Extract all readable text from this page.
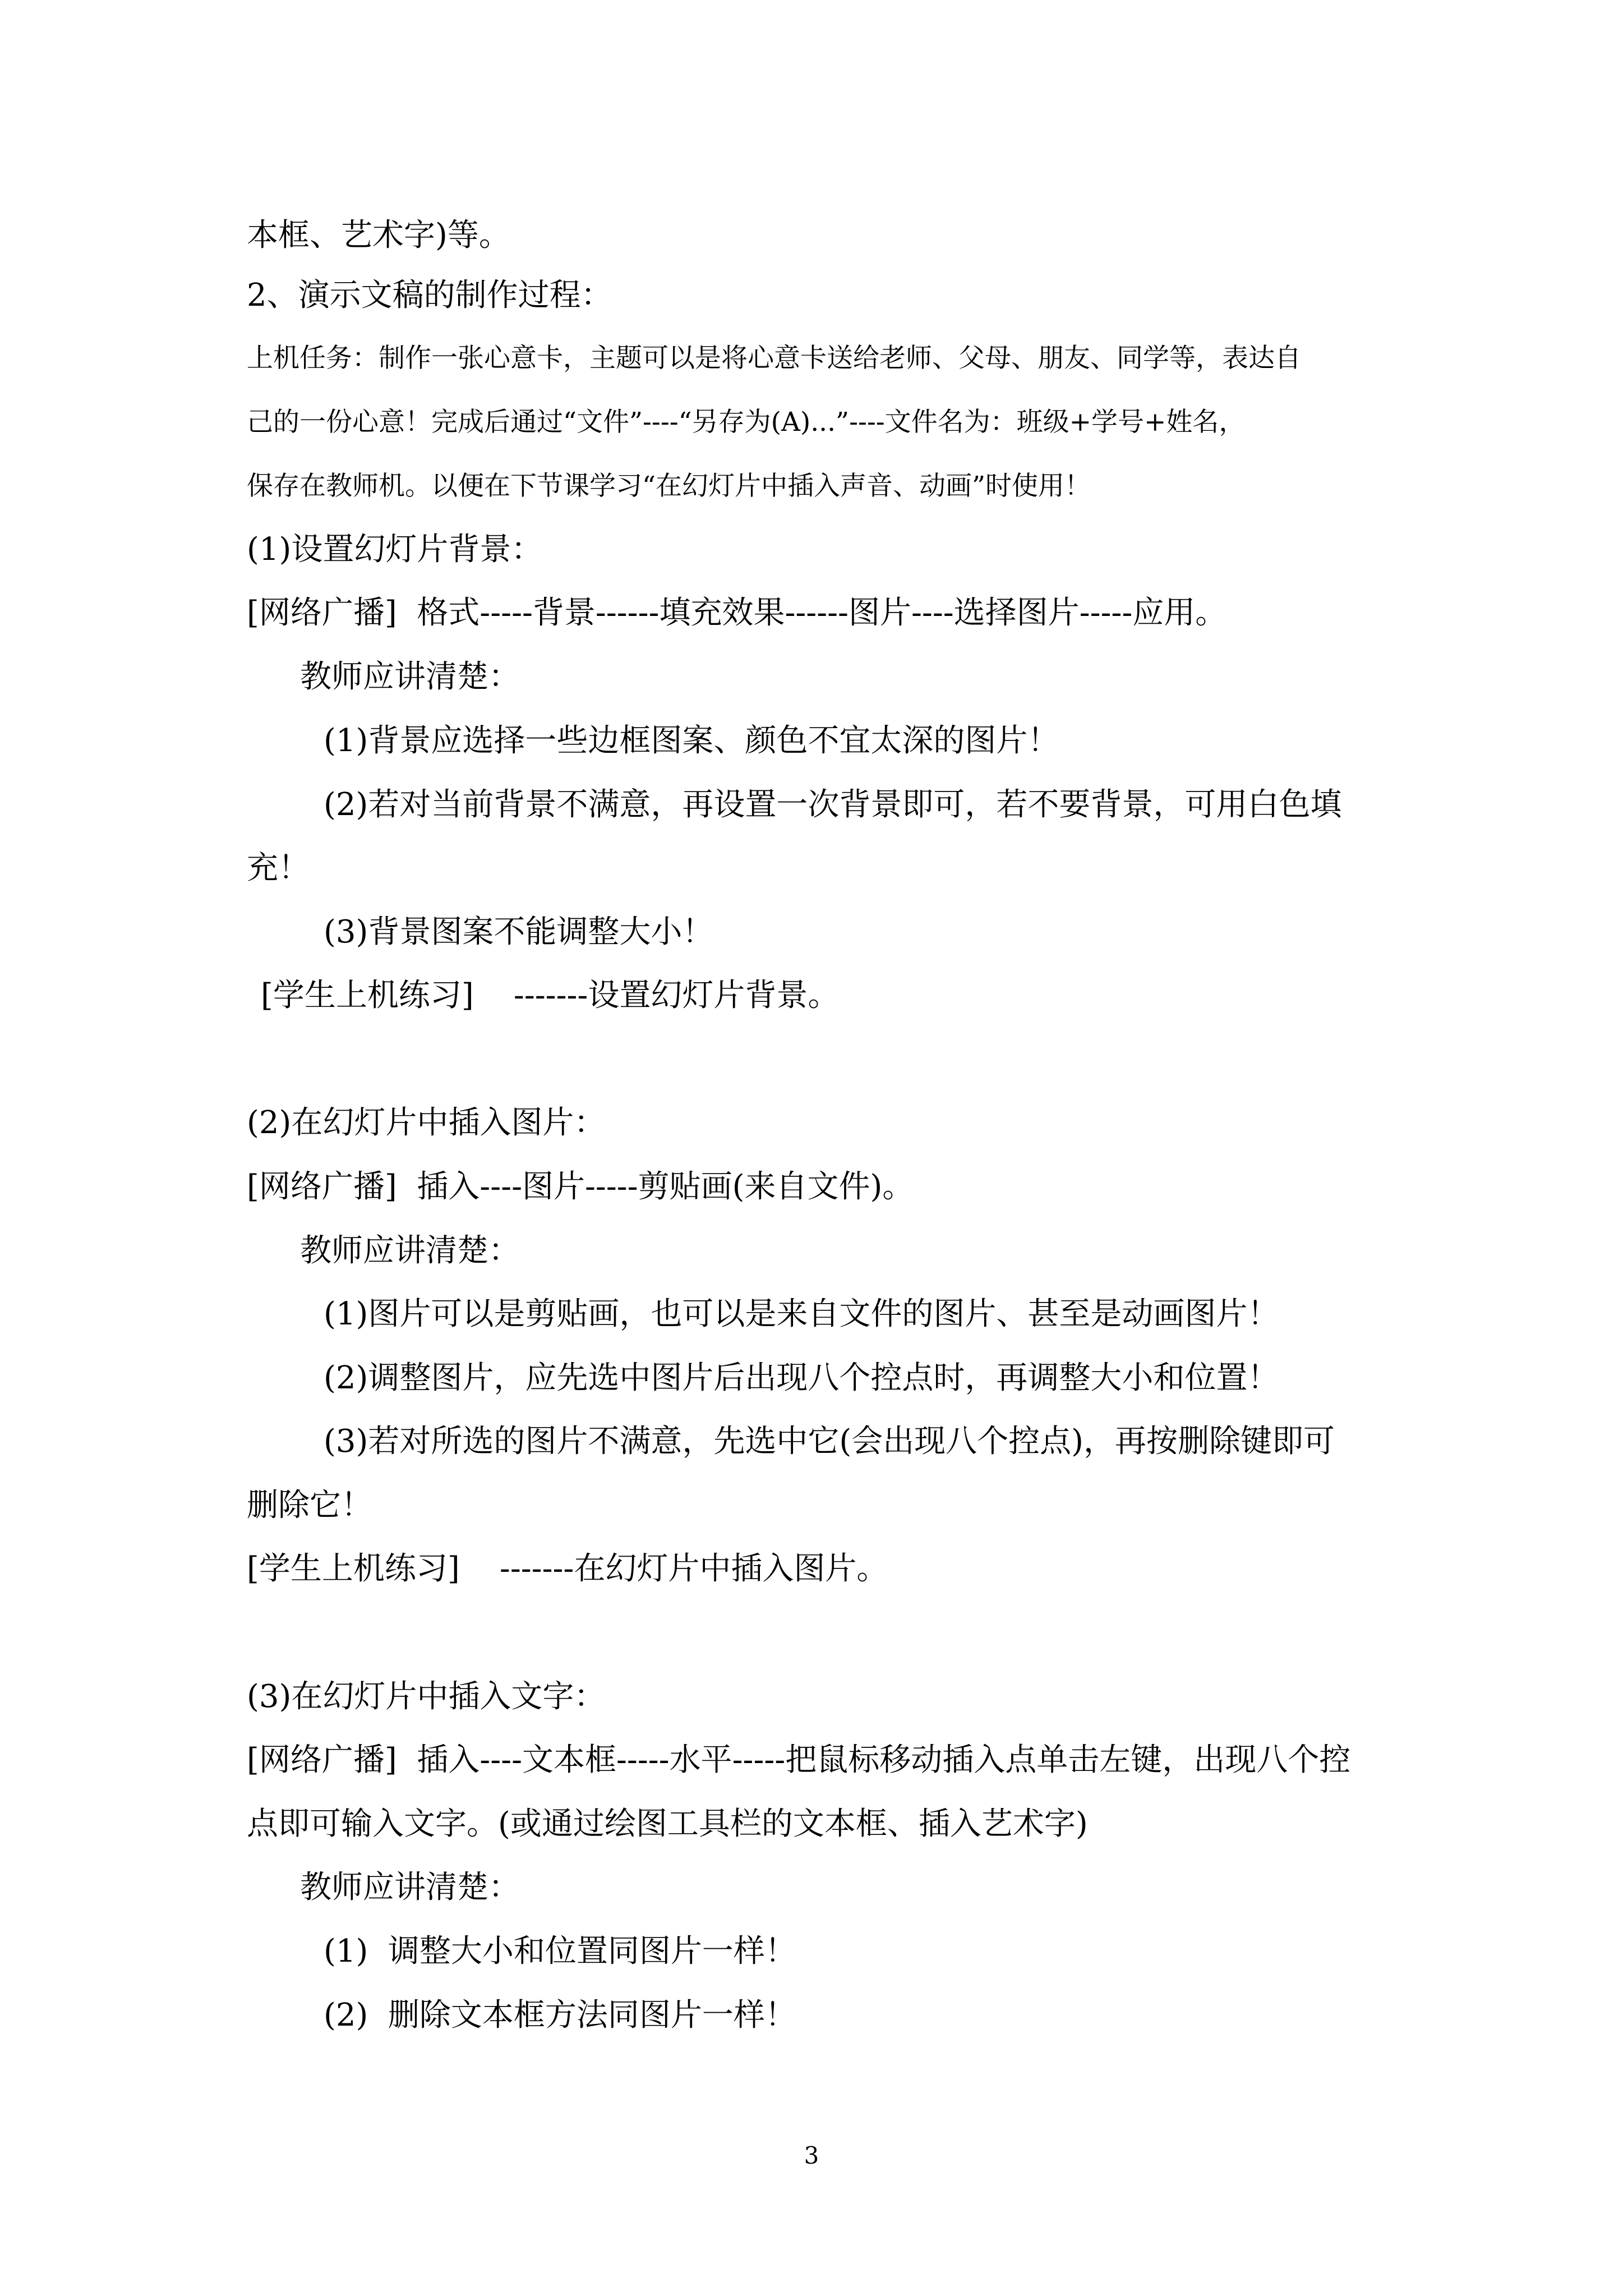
本框、艺术字)等。
2、演示文稿的制作过程：
上机任务：制作一张心意卡，主题可以是将心意卡送给老师、父母、朋友、同学等，表达自
己的一份心意！完成后通过“文件”----“另存为(A)...”----文件名为：班级+学号+姓名，
保存在教师机。以便在下节课学习“在幻灯片中插入声音、动画”时使用！
(1)设置幻灯片背景：
[网络广播]  格式-----背景------填充效果------图片----选择图片-----应用。
教师应讲清楚：
(1)背景应选择一些边框图案、颜色不宜太深的图片！
(2)若对当前背景不满意，再设置一次背景即可，若不要背景，可用白色填
充！
(3)背景图案不能调整大小！
[学生上机练习]    -------设置幻灯片背景。
(2)在幻灯片中插入图片：
[网络广播]  插入----图片-----剪贴画(来自文件)。
教师应讲清楚：
(1)图片可以是剪贴画，也可以是来自文件的图片、甚至是动画图片！
(2)调整图片，应先选中图片后出现八个控点时，再调整大小和位置！
(3)若对所选的图片不满意，先选中它(会出现八个控点)，再按删除键即可
删除它！
[学生上机练习]    -------在幻灯片中插入图片。
(3)在幻灯片中插入文字：
[网络广播]  插入----文本框-----水平-----把鼠标移动插入点单击左键，出现八个控
点即可输入文字。(或通过绘图工具栏的文本框、插入艺术字)
教师应讲清楚：
(1)  调整大小和位置同图片一样！
(2)  删除文本框方法同图片一样！
3
